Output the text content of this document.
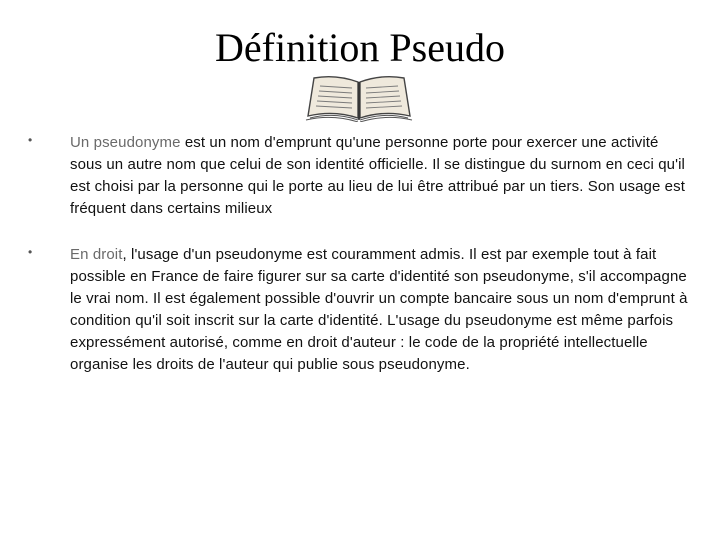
Définition Pseudo
•	Un pseudonyme est un nom d'emprunt qu'une personne porte pour exercer une activité sous un autre nom que celui de son identité officielle. Il se distingue du surnom en ceci qu'il est choisi par la personne qui le porte au lieu de lui être attribué par un tiers. Son usage est fréquent dans certains milieux
•	En droit, l'usage d'un pseudonyme est couramment admis. Il est par exemple tout à fait possible en France de faire figurer sur sa carte d'identité son pseudonyme, s'il accompagne le vrai nom. Il est également possible d'ouvrir un compte bancaire sous un nom d'emprunt à condition qu'il soit inscrit sur la carte d'identité. L'usage du pseudonyme est même parfois expressément autorisé, comme en droit d'auteur : le code de la propriété intellectuelle organise les droits de l'auteur qui publie sous pseudonyme.
